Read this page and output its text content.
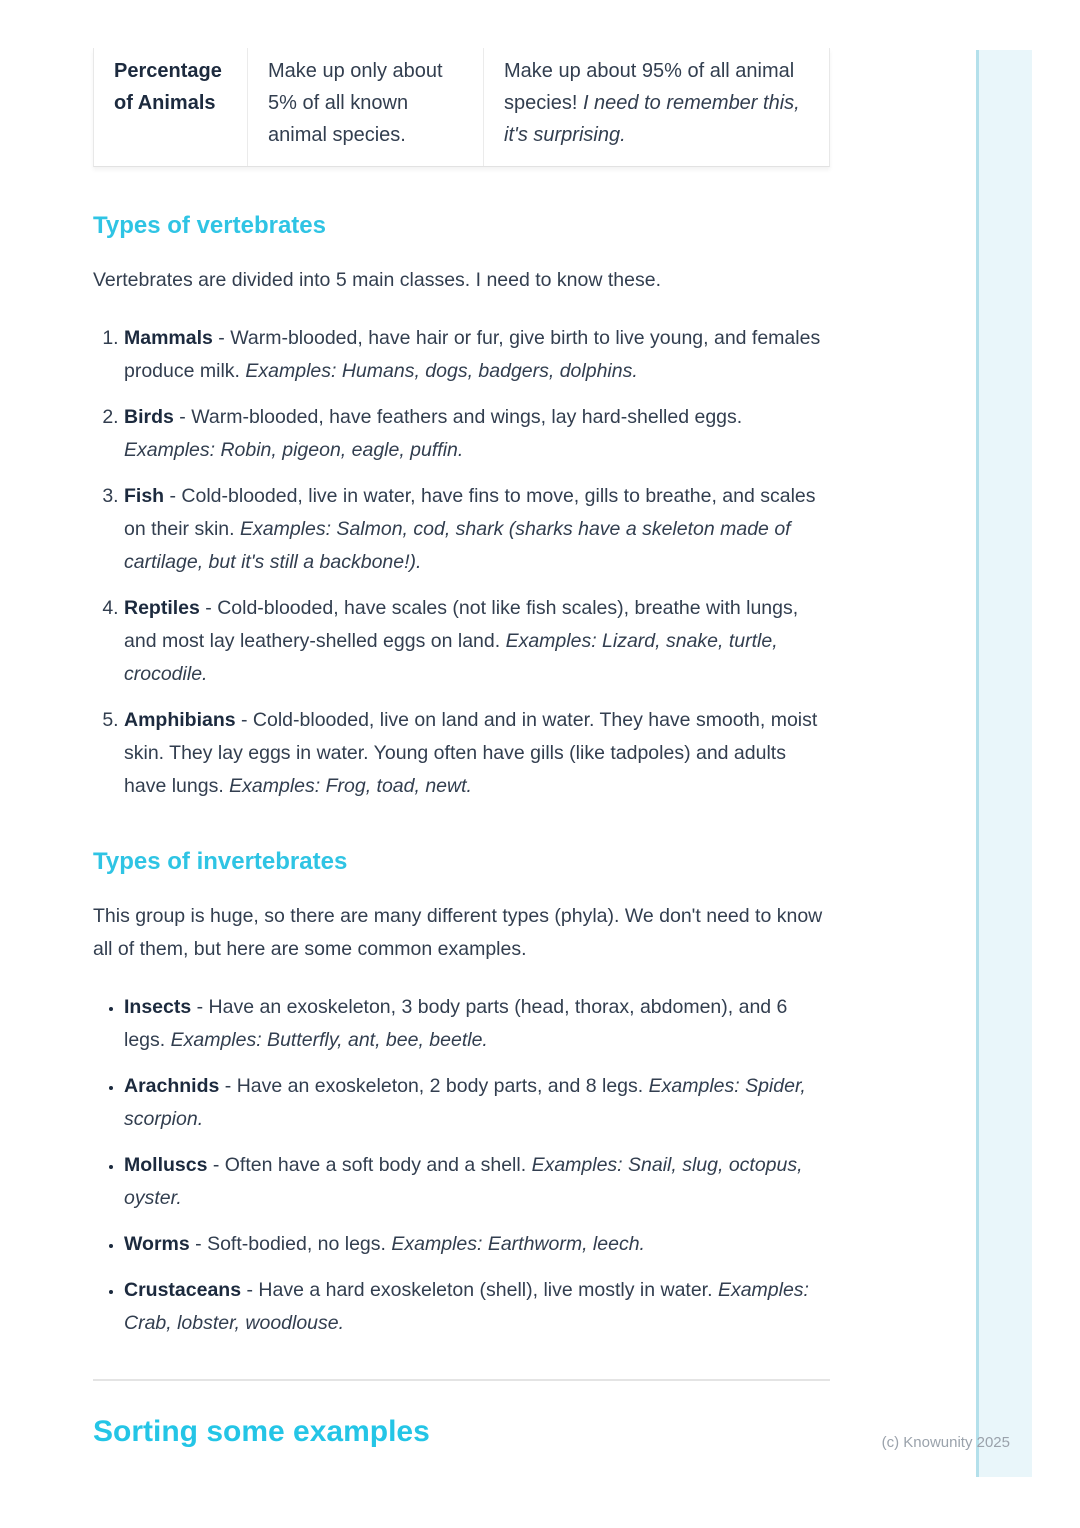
Percentage of Animals
Make up only about 5% of all known animal species.
Make up about 95% of all animal species! I need to remember this, it's surprising.
Types of vertebrates

Vertebrates are divided into 5 main classes. I need to know these.

1. Mammals - Warm-blooded, have hair or fur, give birth to live young, and females produce milk. Examples: Humans, dogs, badgers, dolphins.
2. Birds - Warm-blooded, have feathers and wings, lay hard-shelled eggs. Examples: Robin, pigeon, eagle, puffin.
3. Fish - Cold-blooded, live in water, have fins to move, gills to breathe, and scales on their skin. Examples: Salmon, cod, shark (sharks have a skeleton made of cartilage, but it's still a backbone!).
4. Reptiles - Cold-blooded, have scales (not like fish scales), breathe with lungs, and most lay leathery-shelled eggs on land. Examples: Lizard, snake, turtle, crocodile.
5. Amphibians - Cold-blooded, live on land and in water. They have smooth, moist skin. They lay eggs in water. Young often have gills (like tadpoles) and adults have lungs. Examples: Frog, toad, newt.
Types of invertebrates

This group is huge, so there are many different types (phyla). We don't need to know all of them, but here are some common examples.

• Insects - Have an exoskeleton, 3 body parts (head, thorax, abdomen), and 6 legs. Examples: Butterfly, ant, bee, beetle.
• Arachnids - Have an exoskeleton, 2 body parts, and 8 legs. Examples: Spider, scorpion.
• Molluscs - Often have a soft body and a shell. Examples: Snail, slug, octopus, oyster.
• Worms - Soft-bodied, no legs. Examples: Earthworm, leech.
• Crustaceans - Have a hard exoskeleton (shell), live mostly in water. Examples: Crab, lobster, woodlouse.
Sorting some examples	(c) Knowunity 2025
